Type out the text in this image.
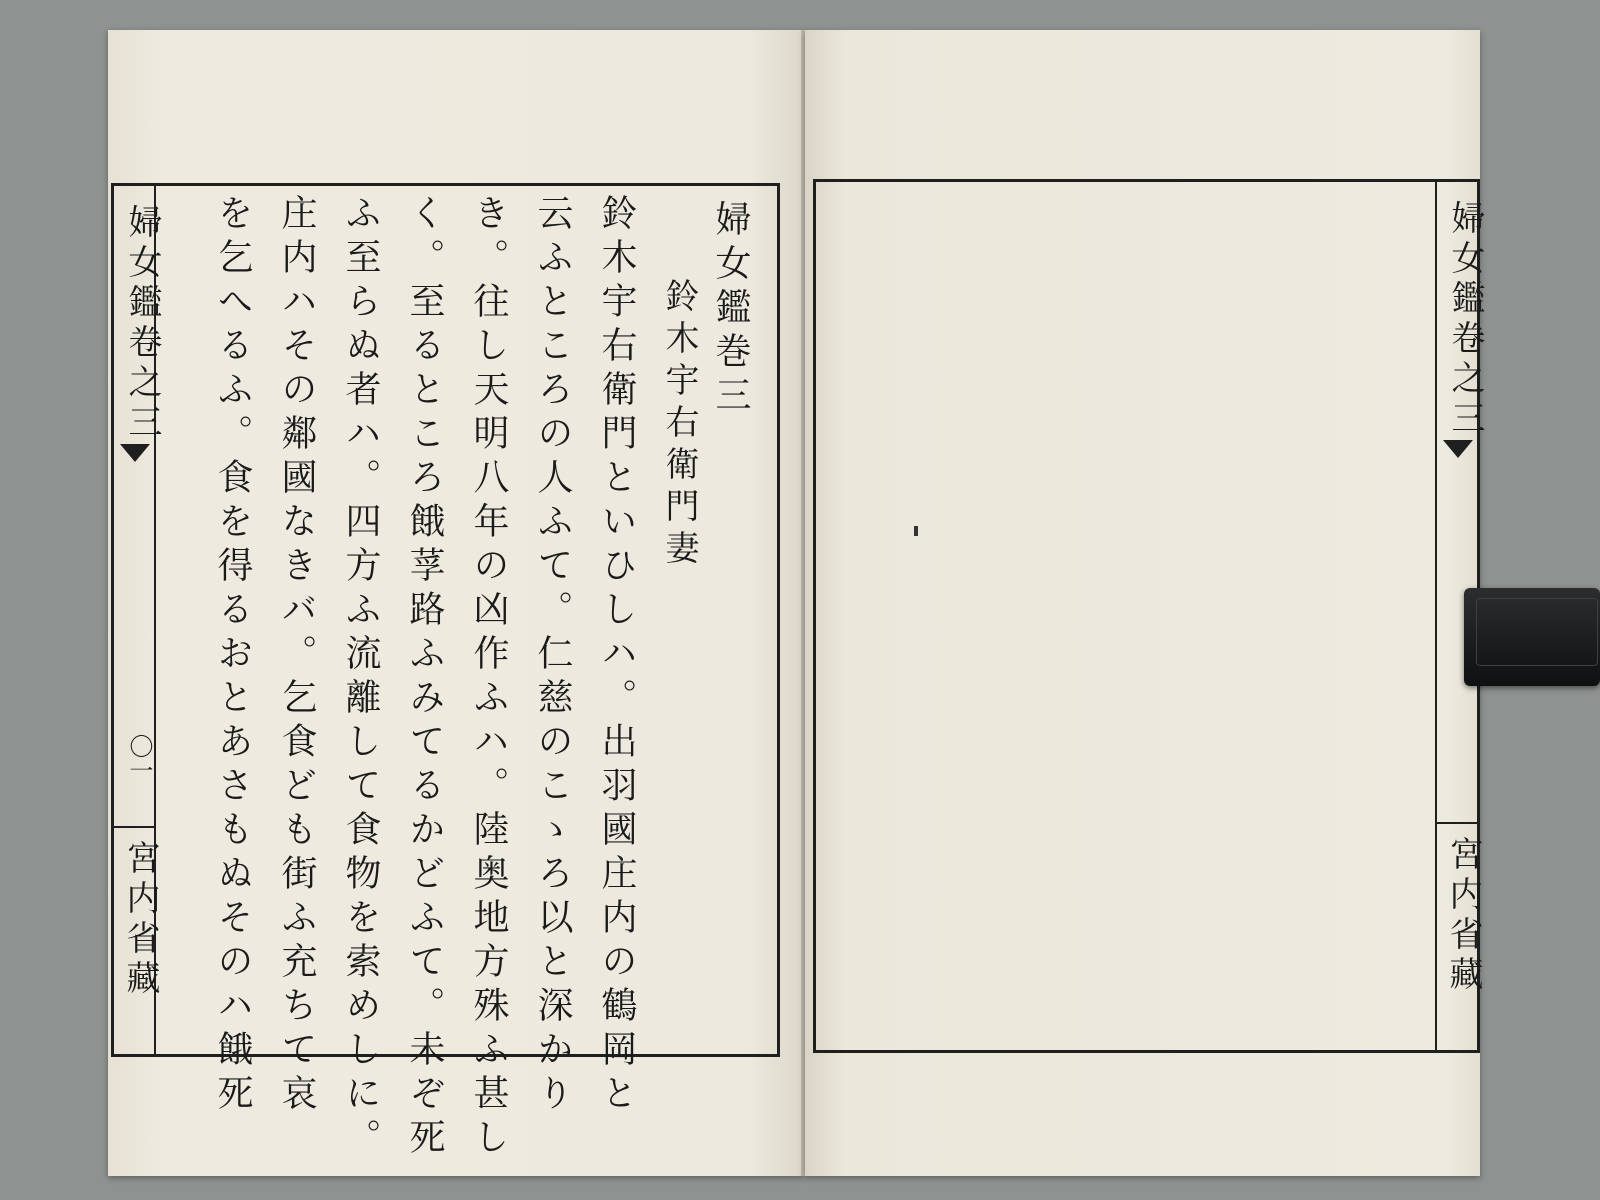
婦女鑑卷之三
〇一
宮内省藏
婦女鑑巻三
鈴木宇右衛門妻
鈴木宇右衛門といひしハ。出羽國庄内の鶴岡と
云ふところの人ふて。仁慈のこゝろ以と深かり
き。往し天明八年の凶作ふハ。陸奥地方殊ふ甚し
く。至るところ餓莩路ふみてるかどふて。未ぞ死
ふ至らぬ者ハ。四方ふ流離して食物を索めしに。
庄内ハその鄰國なきバ。乞食ども街ふ充ちて哀
を乞へるふ。食を得るおとあさもぬそのハ餓死	婦女鑑卷之三
宮内省藏
